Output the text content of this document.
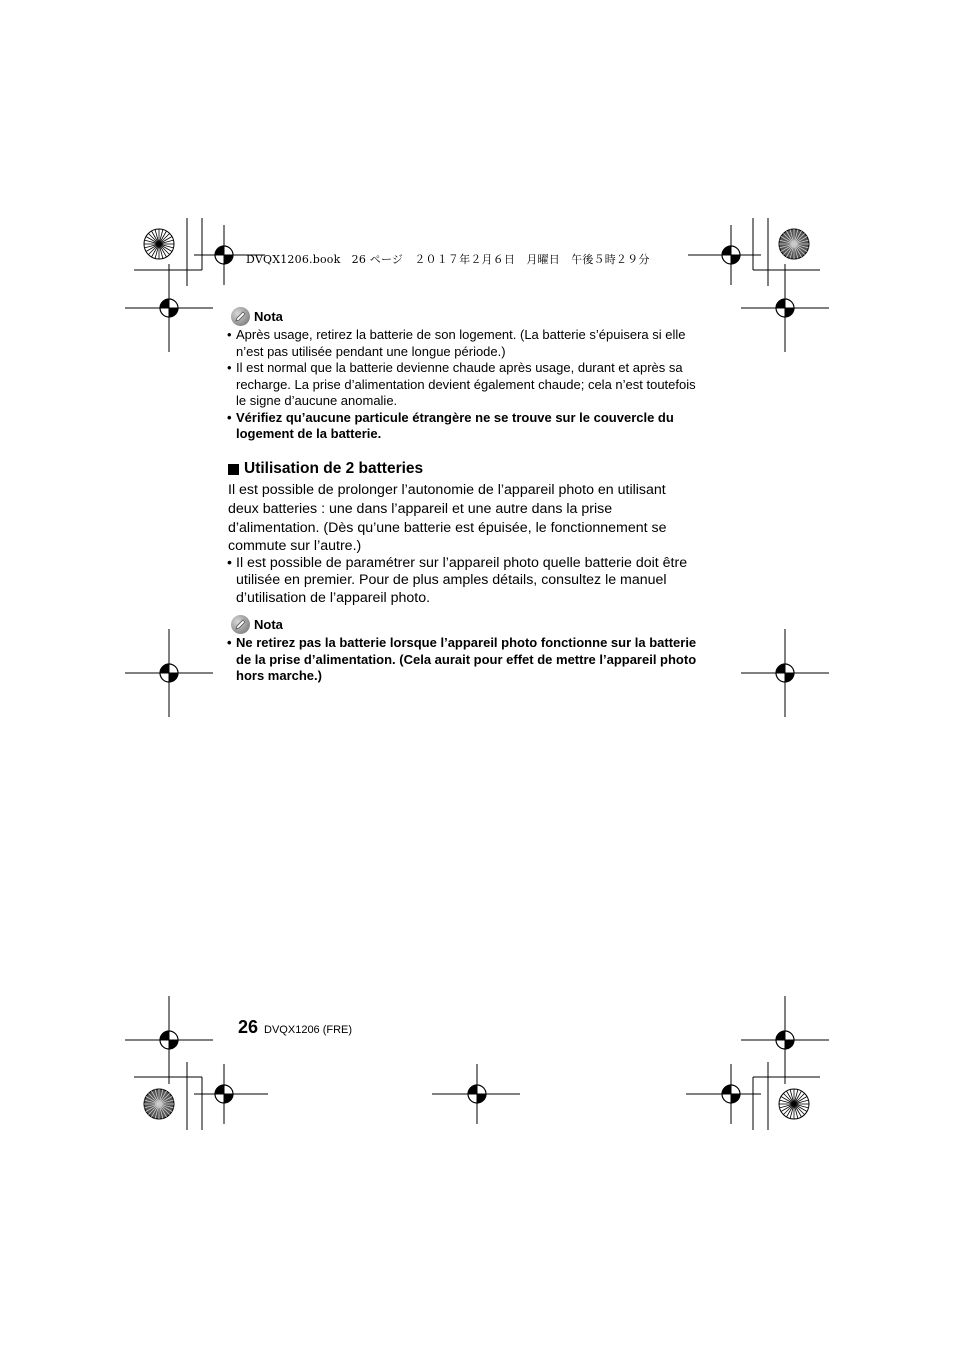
DVQX1206.book　26 ページ　２０１７年２月６日　月曜日　午後５時２９分
Nota
• Après usage, retirez la batterie de son logement. (La batterie s’épuisera si elle n’est pas utilisée pendant une longue période.)
• Il est normal que la batterie devienne chaude après usage, durant et après sa recharge. La prise d’alimentation devient également chaude; cela n’est toutefois le signe d’aucune anomalie.
• Vérifiez qu’aucune particule étrangère ne se trouve sur le couvercle du logement de la batterie.
Utilisation de 2 batteries

Il est possible de prolonger l’autonomie de l’appareil photo en utilisant deux batteries : une dans l’appareil et une autre dans la prise d’alimentation. (Dès qu’une batterie est épuisée, le fonctionnement se commute sur l’autre.)

• Il est possible de paramétrer sur l’appareil photo quelle batterie doit être utilisée en premier. Pour de plus amples détails, consultez le manuel d’utilisation de l’appareil photo.
Nota
• Ne retirez pas la batterie lorsque l’appareil photo fonctionne sur la batterie de la prise d’alimentation. (Cela aurait pour effet de mettre l’appareil photo hors marche.)
26 DVQX1206 (FRE)
